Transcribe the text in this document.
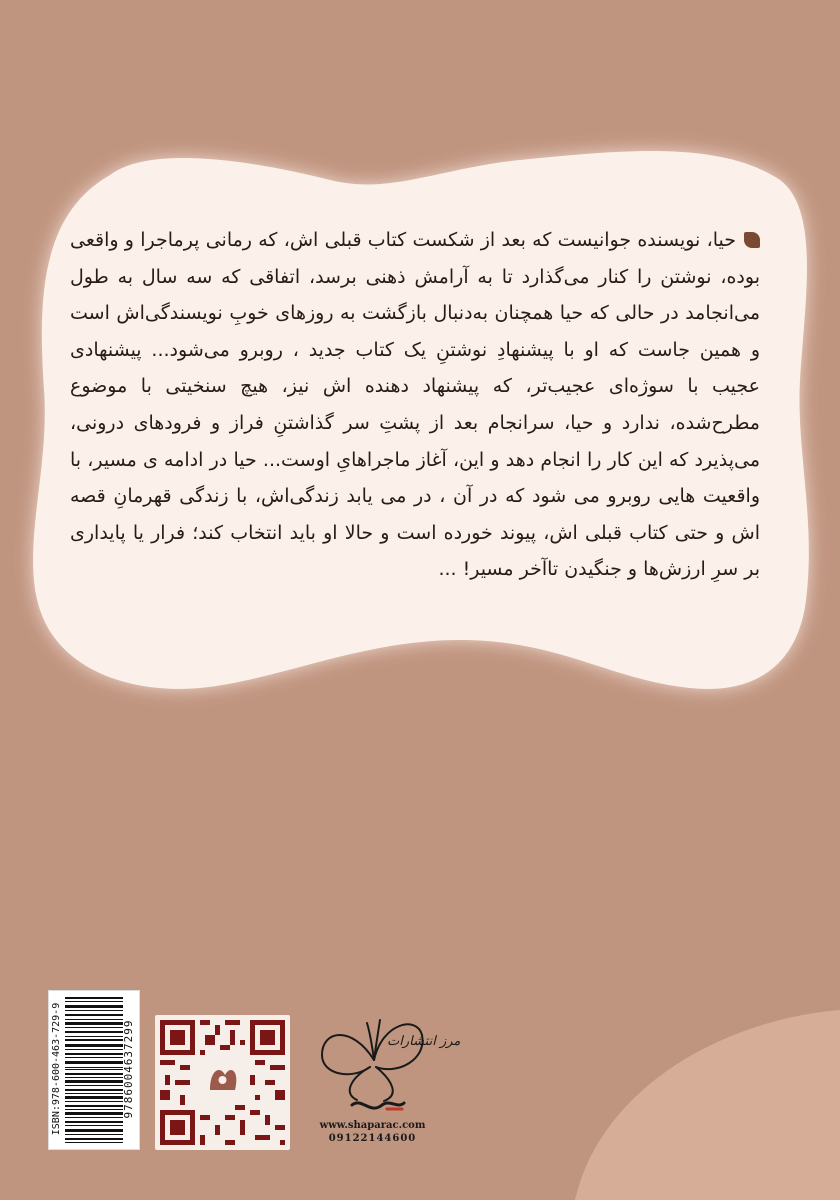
حیا، نویسنده جوانیست که بعد از شکست کتاب قبلی اش، که رمانی پرماجرا و واقعی بوده، نوشتن را کنار می‌گذارد تا به آرامش ذهنی برسد، اتفاقی که سه سال به طول می‌انجامد در حالی که حیا همچنان به‌دنبال بازگشت به روزهای خوبِ نویسندگی‌اش است و همین جاست که او با پیشنهادِ نوشتنِ یک کتاب جدید ، روبرو می‌شود... پیشنهادی عجیب با سوژه‌ای عجیب‌تر، که پیشنهاد دهنده اش نیز، هیچ سنخیتی با موضوع مطرح‌شده، ندارد و حیا، سرانجام بعد از پشتِ سر گذاشتنِ فراز و فرودهای درونی، می‌پذیرد که این کار را انجام دهد و این، آغاز ماجراهایِ اوست... حیا در ادامه ی مسیر، با واقعیت هایی روبرو می شود که در آن ، در می یابد زندگی‌اش، با زندگی قهرمانِ قصه اش و حتی کتاب قبلی اش، پیوند خورده است و حالا او باید انتخاب کند؛ فرار یا پایداری بر سرِ ارزش‌ها و جنگیدن تاآخر مسیر! ...
ISBN:978-600-463-729-9	9786004637299	مرز انتشارات
www.shaparac.com
09122144600
